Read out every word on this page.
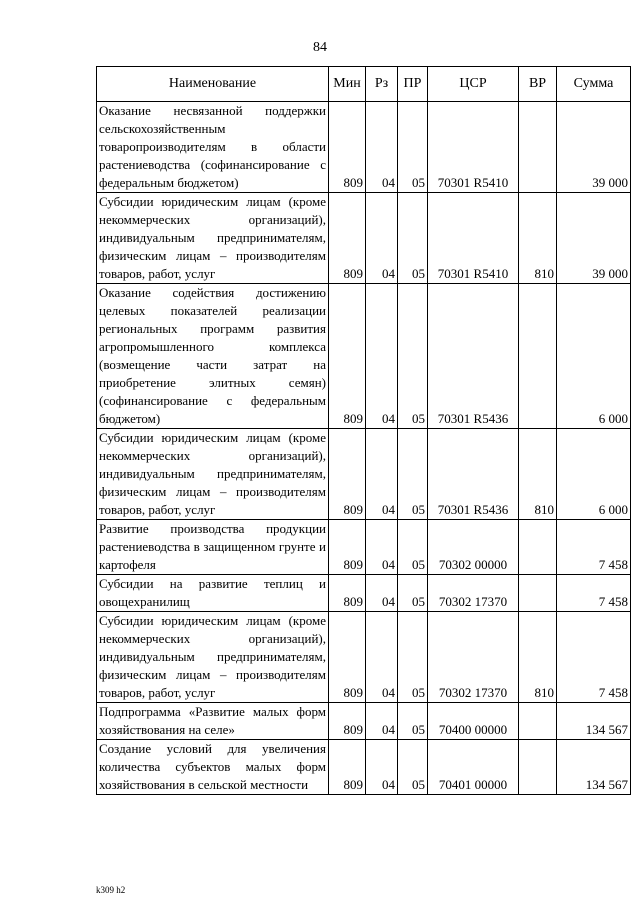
84
Наименование	Мин	Рз	ПР	ЦСР	ВР	Сумма
Оказание несвязанной поддержки сельскохозяйственным товаропроизводителям в области растениеводства (софинансирование с федеральным бюджетом)	809	04	05	70301 R5410		39 000
Субсидии юридическим лицам (кроме некоммерческих организаций), индивидуальным предпринимателям, физическим лицам – производителям товаров, работ, услуг	809	04	05	70301 R5410	810	39 000
Оказание содействия достижению целевых показателей реализации региональных программ развития агропромышленного комплекса (возмещение части затрат на приобретение элитных семян) (софинансирование с федеральным бюджетом)	809	04	05	70301 R5436		6 000
Субсидии юридическим лицам (кроме некоммерческих организаций), индивидуальным предпринимателям, физическим лицам – производителям товаров, работ, услуг	809	04	05	70301 R5436	810	6 000
Развитие производства продукции растениеводства в защищенном грунте и картофеля	809	04	05	70302 00000		7 458
Субсидии на развитие теплиц и овощехранилищ	809	04	05	70302 17370		7 458
Субсидии юридическим лицам (кроме некоммерческих организаций), индивидуальным предпринимателям, физическим лицам – производителям товаров, работ, услуг	809	04	05	70302 17370	810	7 458
Подпрограмма «Развитие малых форм хозяйствования на селе»	809	04	05	70400 00000		134 567
Создание условий для увеличения количества субъектов малых форм хозяйствования в сельской местности	809	04	05	70401 00000		134 567
k309 h2
